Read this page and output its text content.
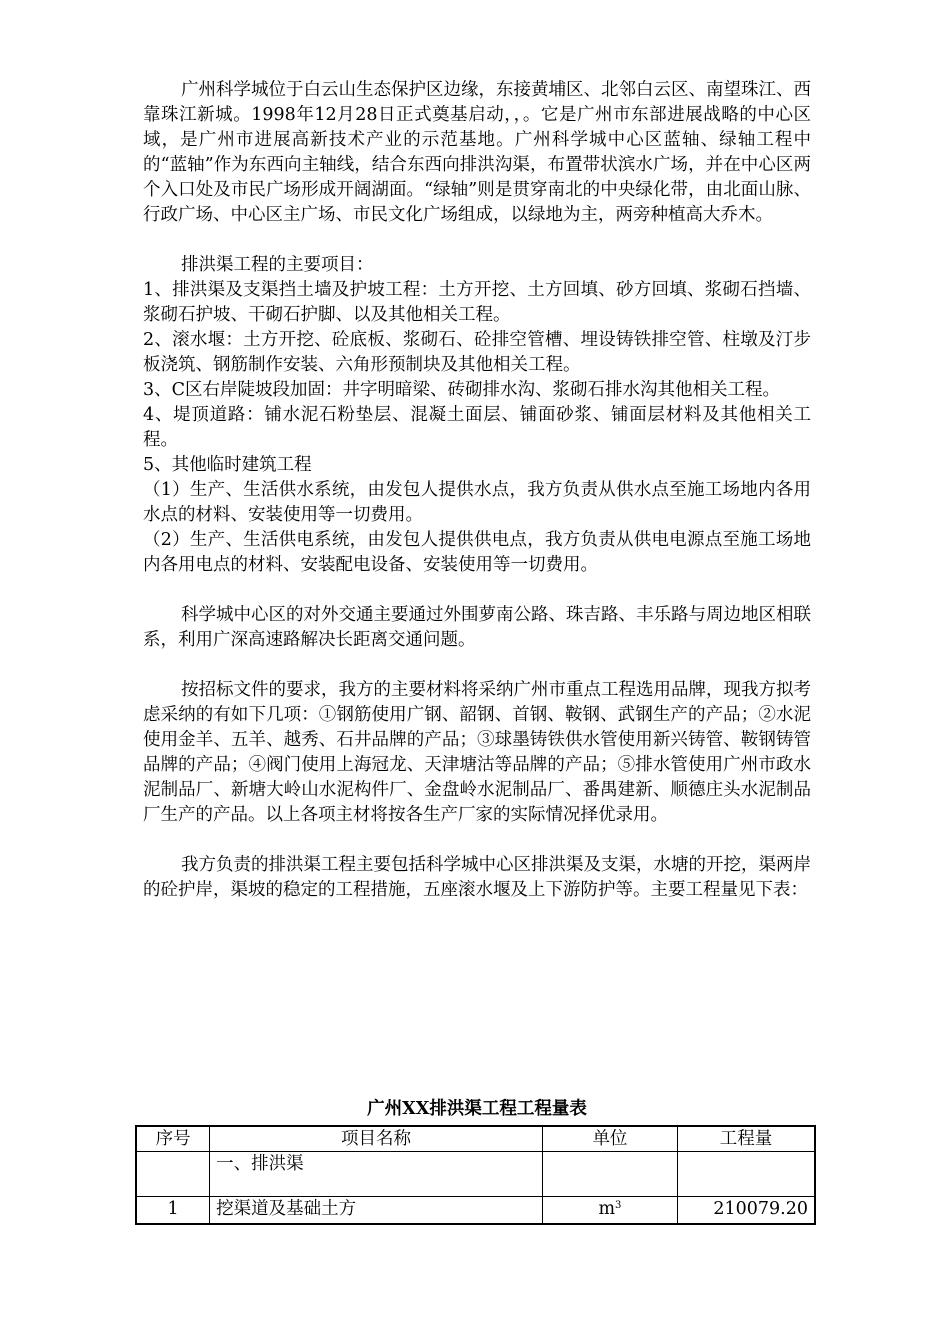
广州科学城位于白云山生态保护区边缘，东接黄埔区、北邻白云区、南望珠江、西靠珠江新城。1998年12月28日正式奠基启动，，。它是广州市东部进展战略的中心区域，是广州市进展高新技术产业的示范基地。广州科学城中心区蓝轴、绿轴工程中的“蓝轴”作为东西向主轴线，结合东西向排洪沟渠，布置带状滨水广场，并在中心区两个入口处及市民广场形成开阔湖面。“绿轴”则是贯穿南北的中央绿化带，由北面山脉、行政广场、中心区主广场、市民文化广场组成，以绿地为主，两旁种植高大乔木。

排洪渠工程的主要项目：

1、排洪渠及支渠挡土墙及护坡工程：土方开挖、土方回填、砂方回填、浆砌石挡墙、浆砌石护坡、干砌石护脚、以及其他相关工程。

2、滚水堰：土方开挖、砼底板、浆砌石、砼排空管槽、埋设铸铁排空管、柱墩及汀步板浇筑、钢筋制作安装、六角形预制块及其他相关工程。

3、C区右岸陡坡段加固：井字明暗梁、砖砌排水沟、浆砌石排水沟其他相关工程。

4、堤顶道路：铺水泥石粉垫层、混凝土面层、铺面砂浆、铺面层材料及其他相关工程。

5、其他临时建筑工程

（1）生产、生活供水系统，由发包人提供水点，我方负责从供水点至施工场地内各用水点的材料、安装使用等一切费用。

（2）生产、生活供电系统，由发包人提供供电点，我方负责从供电电源点至施工场地内各用电点的材料、安装配电设备、安装使用等一切费用。

科学城中心区的对外交通主要通过外围萝南公路、珠吉路、丰乐路与周边地区相联系，利用广深高速路解决长距离交通问题。

按招标文件的要求，我方的主要材料将采纳广州市重点工程选用品牌，现我方拟考虑采纳的有如下几项：①钢筋使用广钢、韶钢、首钢、鞍钢、武钢生产的产品；②水泥使用金羊、五羊、越秀、石井品牌的产品；③球墨铸铁供水管使用新兴铸管、鞍钢铸管品牌的产品；④阀门使用上海冠龙、天津塘沽等品牌的产品；⑤排水管使用广州市政水泥制品厂、新塘大岭山水泥构件厂、金盘岭水泥制品厂、番禺建新、顺德庄头水泥制品厂生产的产品。以上各项主材将按各生产厂家的实际情况择优录用。

我方负责的排洪渠工程主要包括科学城中心区排洪渠及支渠，水塘的开挖，渠两岸的砼护岸，渠坡的稳定的工程措施，五座滚水堰及上下游防护等。主要工程量见下表：

广州XX排洪渠工程工程量表
序号	项目名称	单位	工程量
	一、排洪渠		
1	挖渠道及基础土方	$m^3$	210079.20
